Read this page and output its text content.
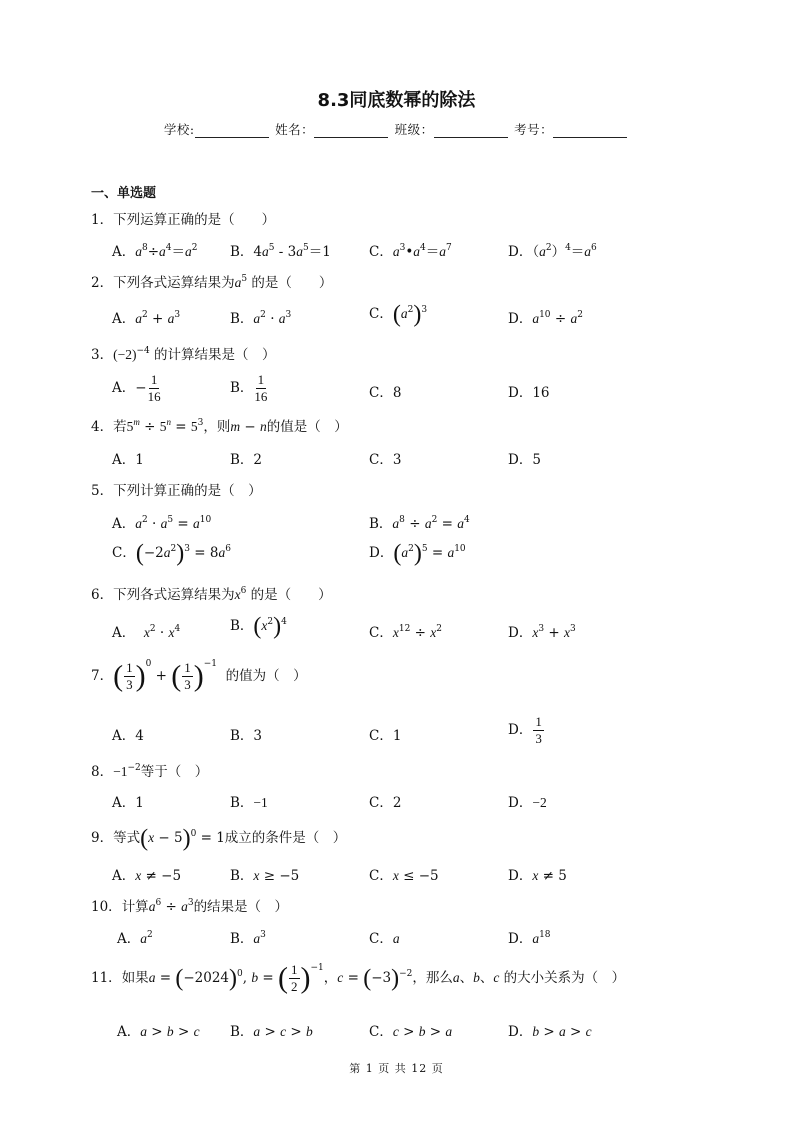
8.3同底数幂的除法
学校:	姓名：	班级：	考号：
一、单选题
1．下列运算正确的是（　　）
A．$a^8\div a^4=a^2$ B．$4a^5 - 3a^5=1$	C．$a^3•a^4=a^7$	D．$(a^2)^4=a^6$
2．下列各式运算结果为$a^5$ 的是（　　）
A．$a^2 + a^3$	B．$a^2 \cdot a^3$	C．$(a^2)^3$
D．$a^{10} \div a^2$
3．$(-2)^{-4}$ 的计算结果是（　）
A．− $\frac{1}{16}$	B． $\frac{1}{16}$	C．8	D．16
4．若$5^m \div 5^n = 5^3$，则m − n的值是（　）
A．1	B．2	C．3	D．5
5．下列计算正确的是（　）
A．$a^2 \cdot a^5 = a^{10}$	B．$a^8 \div a^2 = a^4$
C．$(-2a^2)^3 = 8a^6$	D．$(a^2)^5 = a^{10}$
6．下列各式运算结果为$x^6$ 的是（　　）
A． $x^2 \cdot x^4$	B．$(x^2)^4$
C．$x^{12} \div x^2$	D．$x^3 + x^3$
7．( $\frac{1}{3} )^0$ + ( $\frac{1}{3} )^{-1}$  的值为（　）
A．4	B．3	C．1	D． $\frac{1}{3}$
8．$-1^{-2}$等于（　）
A．1	B．−1	C．2	D．−2
9．等式$(x - 5)^0 = 1$成立的条件是（　）
A．x ≠ −5	B．x ≥ −5	C．x ≤ −5	D．x ≠ 5
10．计算$a^6 \div a^3$的结果是（　）
A．$a^2$	B．$a^3$	C．a	D．$a^{18}$
11．如果$a = (-2024)^0$, b = ( $\frac{1}{2} )^{-1}$，$c = (-3)^{-2}$，那么a、b、c 的大小关系为（　）
A．a > b > c B．a > c > b	C．c > b > a	D．b > a > c
第 1 页 共 12 页
